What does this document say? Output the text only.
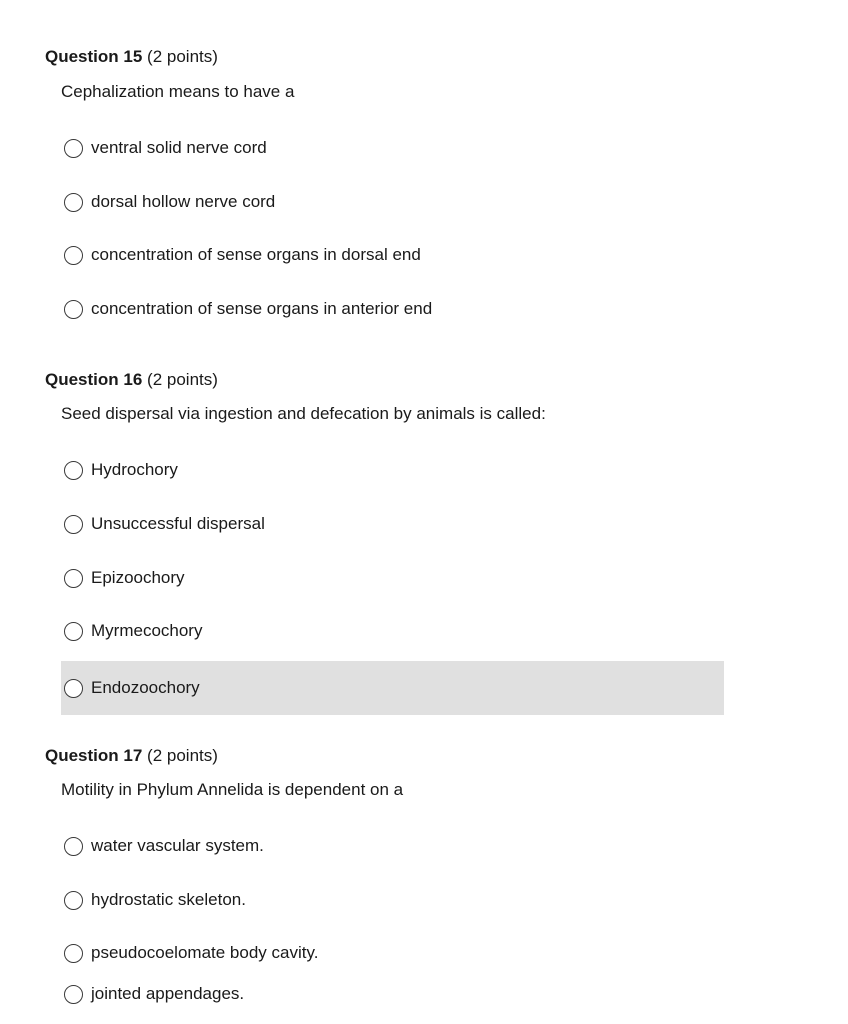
Question 15 (2 points)
Cephalization means to have a
ventral solid nerve cord
dorsal hollow nerve cord
concentration of sense organs in dorsal end
concentration of sense organs in anterior end
Question 16 (2 points)
Seed dispersal via ingestion and defecation by animals is called:
Hydrochory
Unsuccessful dispersal
Epizoochory
Myrmecochory
Endozoochory
Question 17 (2 points)
Motility in Phylum Annelida is dependent on a
water vascular system.
hydrostatic skeleton.
pseudocoelomate body cavity.
jointed appendages.
